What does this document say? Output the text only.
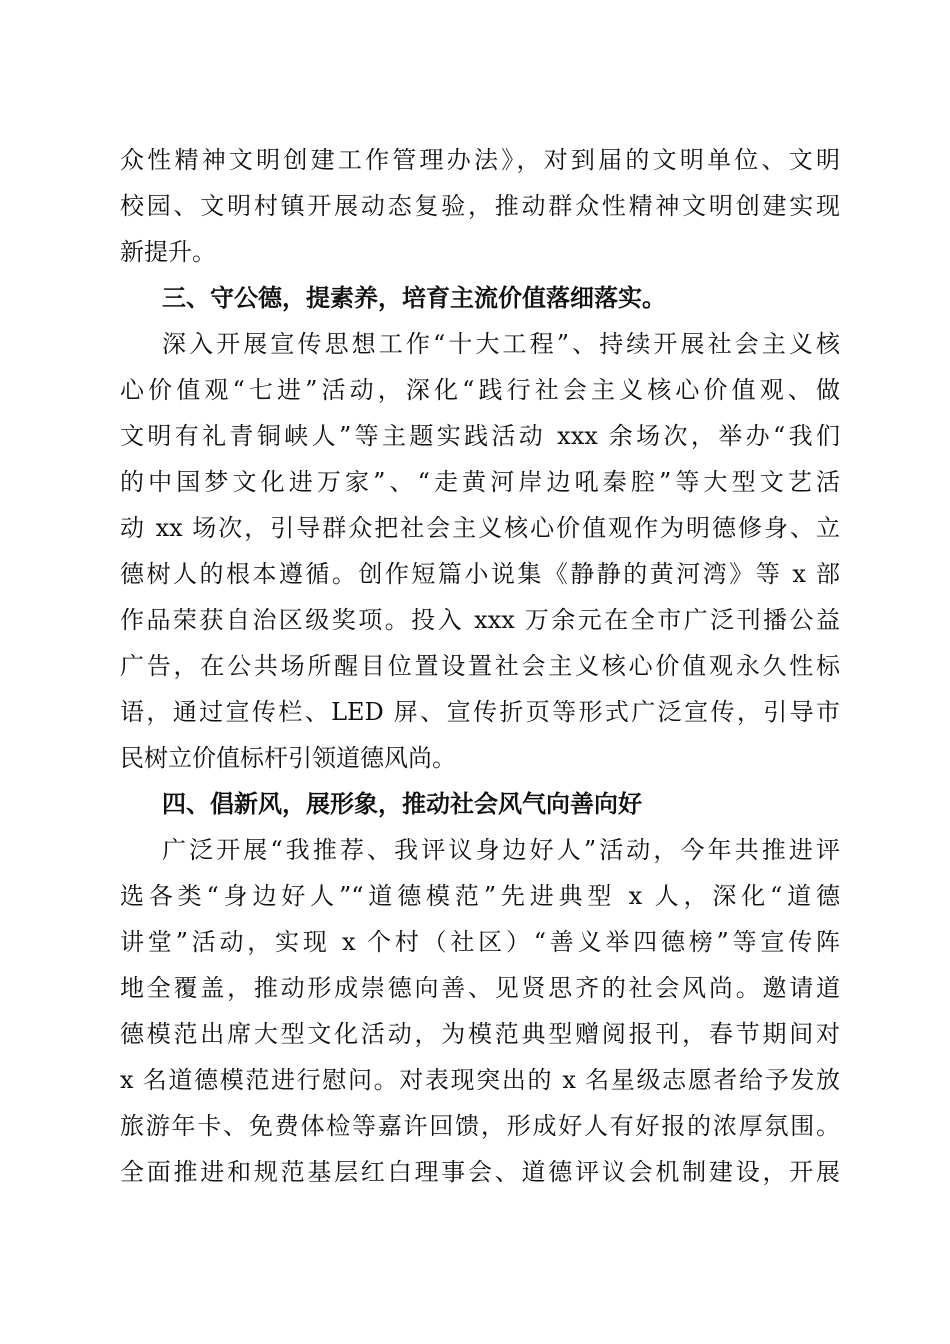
众性精神文明创建工作管理办法》，对到届的文明单位、文明
校园、文明村镇开展动态复验，推动群众性精神文明创建实现
新提升。
三、守公德，提素养，培育主流价值落细落实。
深入开展宣传思想工作“十大工程”、持续开展社会主义核
心价值观“七进”活动，深化“践行社会主义核心价值观、做
文明有礼青铜峡人”等主题实践活动 xxx 余场次，举办“我们
的中国梦文化进万家”、“走黄河岸边吼秦腔”等大型文艺活
动 xx 场次，引导群众把社会主义核心价值观作为明德修身、立
德树人的根本遵循。创作短篇小说集《静静的黄河湾》等 x 部
作品荣获自治区级奖项。投入 xxx 万余元在全市广泛刊播公益
广告，在公共场所醒目位置设置社会主义核心价值观永久性标
语，通过宣传栏、LED 屏、宣传折页等形式广泛宣传，引导市
民树立价值标杆引领道德风尚。
四、倡新风，展形象，推动社会风气向善向好
广泛开展“我推荐、我评议身边好人”活动，今年共推进评
选各类“身边好人”“道德模范”先进典型 x 人，深化“道德
讲堂”活动，实现 x 个村（社区）“善义举四德榜”等宣传阵
地全覆盖，推动形成崇德向善、见贤思齐的社会风尚。邀请道
德模范出席大型文化活动，为模范典型赠阅报刊，春节期间对
x 名道德模范进行慰问。对表现突出的 x 名星级志愿者给予发放
旅游年卡、免费体检等嘉许回馈，形成好人有好报的浓厚氛围。
全面推进和规范基层红白理事会、道德评议会机制建设，开展
